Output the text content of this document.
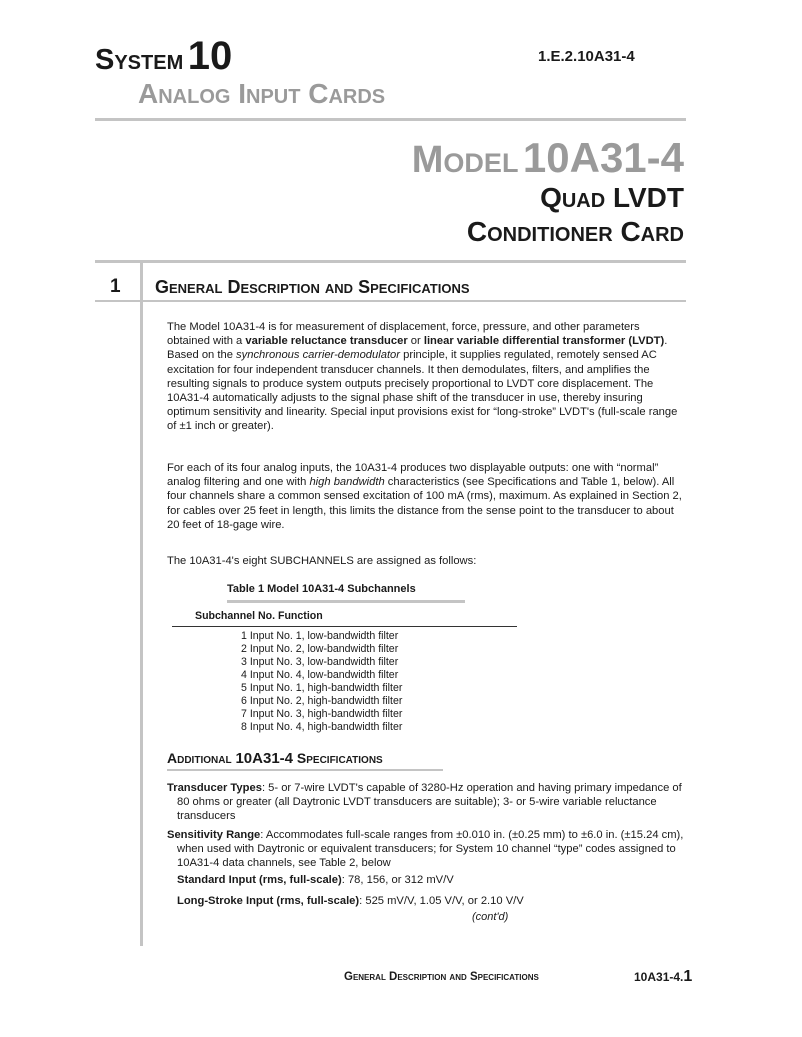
System 10	1.E.2.10A31-4
Analog Input Cards
Model 10A31-4
Quad LVDT
Conditioner Card
1 General Description and Specifications
The Model 10A31-4 is for measurement of displacement, force, pressure, and other parameters obtained with a variable reluctance transducer or linear variable differential transformer (LVDT). Based on the synchronous carrier-demodulator principle, it supplies regulated, remotely sensed AC excitation for four independent transducer channels. It then demodulates, filters, and amplifies the resulting signals to produce system outputs precisely proportional to LVDT core displacement. The 10A31-4 automatically adjusts to the signal phase shift of the transducer in use, thereby insuring optimum sensitivity and linearity. Special input provisions exist for “long-stroke” LVDT's (full-scale range of ±1 inch or greater).
For each of its four analog inputs, the 10A31-4 produces two displayable outputs: one with “normal” analog filtering and one with high bandwidth characteristics (see Specifications and Table 1, below). All four channels share a common sensed excitation of 100 mA (rms), maximum. As explained in Section 2, for cables over 25 feet in length, this limits the distance from the sense point to the transducer to about 20 feet of 18-gage wire.
The 10A31-4's eight SUBCHANNELS are assigned as follows:
Table 1 Model 10A31-4 Subchannels
Subchannel No. Function
1 Input No. 1, low-bandwidth filter
2 Input No. 2, low-bandwidth filter
3 Input No. 3, low-bandwidth filter
4 Input No. 4, low-bandwidth filter
5 Input No. 1, high-bandwidth filter
6 Input No. 2, high-bandwidth filter
7 Input No. 3, high-bandwidth filter
8 Input No. 4, high-bandwidth filter
Additional 10A31-4 Specifications
Transducer Types: 5- or 7-wire LVDT's capable of 3280-Hz operation and having primary impedance of 80 ohms or greater (all Daytronic LVDT transducers are suitable); 3- or 5-wire variable reluctance transducers
Sensitivity Range: Accommodates full-scale ranges from ±0.010 in. (±0.25 mm) to ±6.0 in. (±15.24 cm), when used with Daytronic or equivalent transducers; for System 10 channel “type” codes assigned to 10A31-4 data channels, see Table 2, below
Standard Input (rms, full-scale): 78, 156, or 312 mV/V
Long-Stroke Input (rms, full-scale): 525 mV/V, 1.05 V/V, or 2.10 V/V
(cont'd)
General Description and Specifications	10A31-4.1
